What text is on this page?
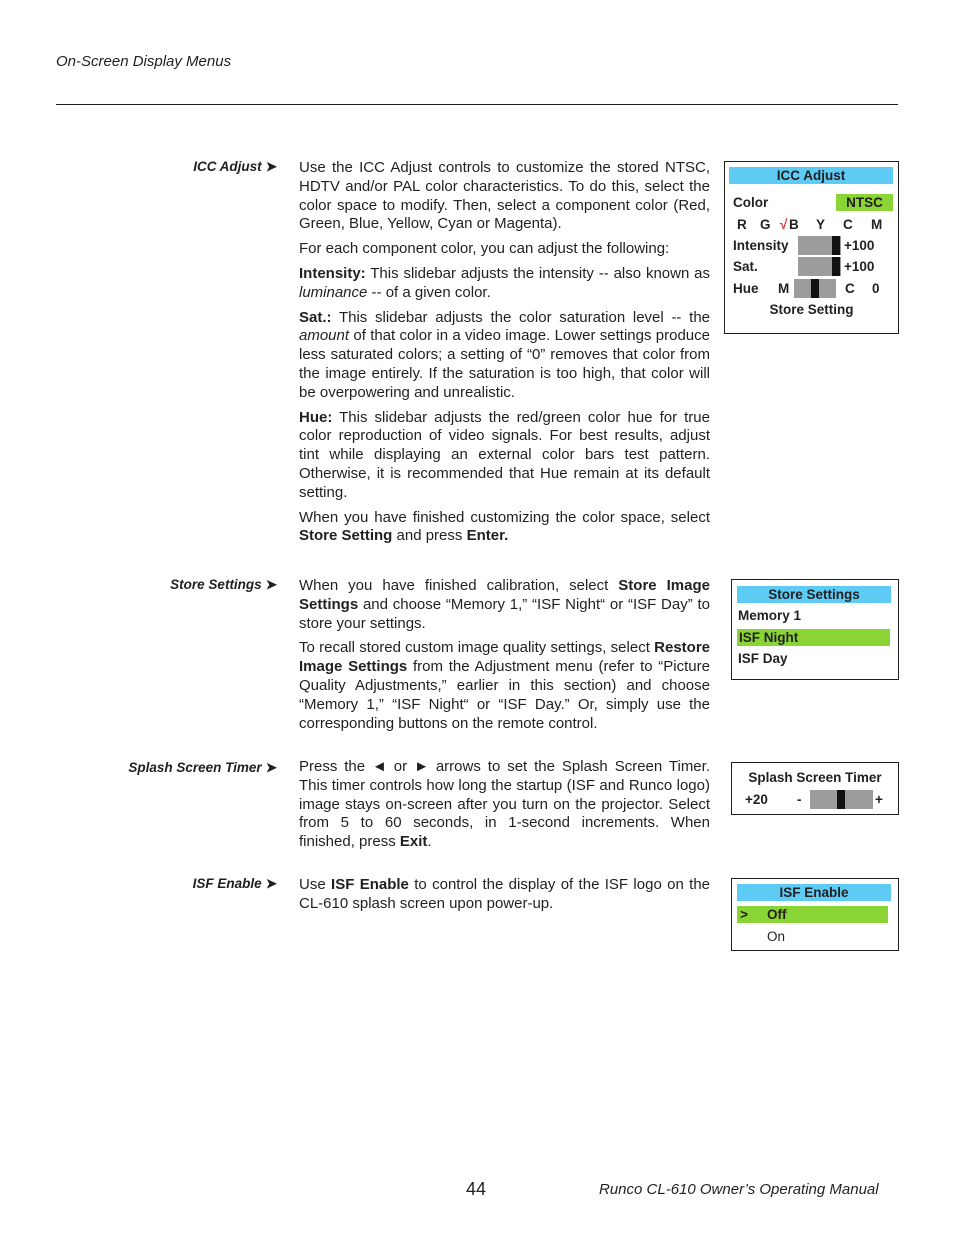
On-Screen Display Menus
ICC Adjust ➤ Use the ICC Adjust controls to customize the stored NTSC, HDTV and/or PAL color characteristics. To do this, select the color space to modify. Then, select a component color (Red, Green, Blue, Yellow, Cyan or Magenta).

For each component color, you can adjust the following:

Intensity: This slidebar adjusts the intensity -- also known as luminance -- of a given color.

Sat.: This slidebar adjusts the color saturation level -- the amount of that color in a video image. Lower settings produce less saturated colors; a setting of “0” removes that color from the image entirely. If the saturation is too high, that color will be overpowering and unrealistic.

Hue: This slidebar adjusts the red/green color hue for true color reproduction of video signals. For best results, adjust tint while displaying an external color bars test pattern. Otherwise, it is recommended that Hue remain at its default setting.

When you have finished customizing the color space, select Store Setting and press Enter.

ICC Adjust
Color	NTSC
R G √ B Y C M
Intensity	+100
Sat.	+100
Hue M	C 0
Store Setting
Store Settings ➤ When you have finished calibration, select Store Image Settings and choose “Memory 1,” “ISF Night“ or “ISF Day” to store your settings.

To recall stored custom image quality settings, select Restore Image Settings from the Adjustment menu (refer to “Picture Quality Adjustments,” earlier in this section) and choose “Memory 1,” “ISF Night“ or “ISF Day.” Or, simply use the corresponding buttons on the remote control.

Store Settings
Memory 1
ISF Night
ISF Day
Splash Screen Timer ➤ Press the ◄ or ► arrows to set the Splash Screen Timer. This timer controls how long the startup (ISF and Runco logo) image stays on-screen after you turn on the projector. Select from 5 to 60 seconds, in 1-second increments. When finished, press Exit.

Splash Screen Timer
+20 -	+
ISF Enable ➤ Use ISF Enable to control the display of the ISF logo on the CL-610 splash screen upon power-up.

ISF Enable
> Off
On
44	Runco CL-610 Owner’s Operating Manual
